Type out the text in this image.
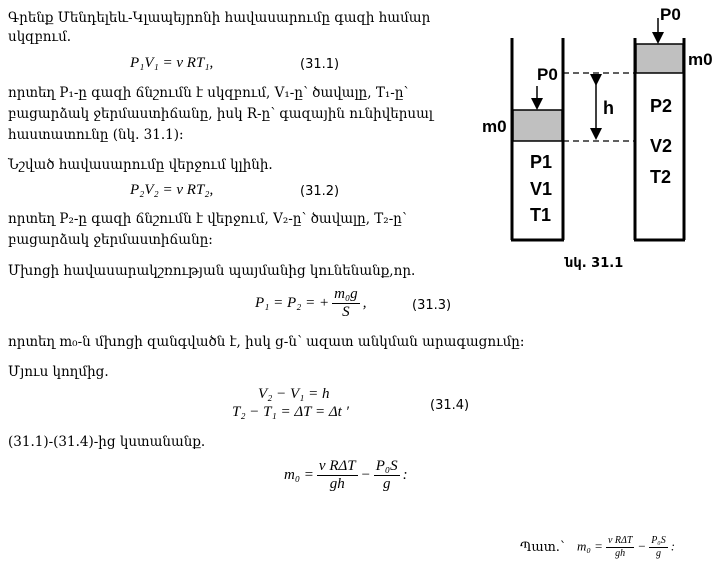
Գրենք Մենդելեև-Կլապեյրոնի հավասարումը գազի համար
սկզբում.
P₁V₁ = ν RT₁,	(31.1)
որտեղ P₁-ը գազի ճնշումն է սկզբում, V₁-ը՝ ծավալը, T₁-ը՝
բացարձակ ջերմաստիճանը, իսկ R-ը՝ գազային ունիվերսալ
հաստատունը (նկ. 31.1):
Նշված հավասարումը վերջում կլինի.
P₂V₂ = ν RT₂,	(31.2)
որտեղ P₂-ը գազի ճնշումն է վերջում, V₂-ը՝ ծավալը, T₂-ը՝
բացարձակ ջերմաստիճանը:
Մխոցի հավասարակշռության պայմանից կունենանք,որ.
P₁ = P₂ = + $\frac{\text{m₀g}}{S}$ ,	(31.3)
որտեղ m₀-ն մխոցի զանգվածն է, իսկ g-ն՝ ազատ անկման արագացումը:
Մյուս կողմից.
V₂ − V₁ = h
T₂ − T₁ = ΔT = Δt ′	(31.4)
(31.1)-(31.4)-ից կստանանք.
$m_0 = \frac{\text{ν RΔT}}{gh} - \frac{\text{P₀S}}{g}$ :
Պատ.՝ $m_0 = \frac{\text{ν RΔT}}{gh} - \frac{\text{P₀S}}{g}$ :
P0
m0
P1
V1
T1
P0
m0
P2
V2
T2
h
նկ. 31.1
